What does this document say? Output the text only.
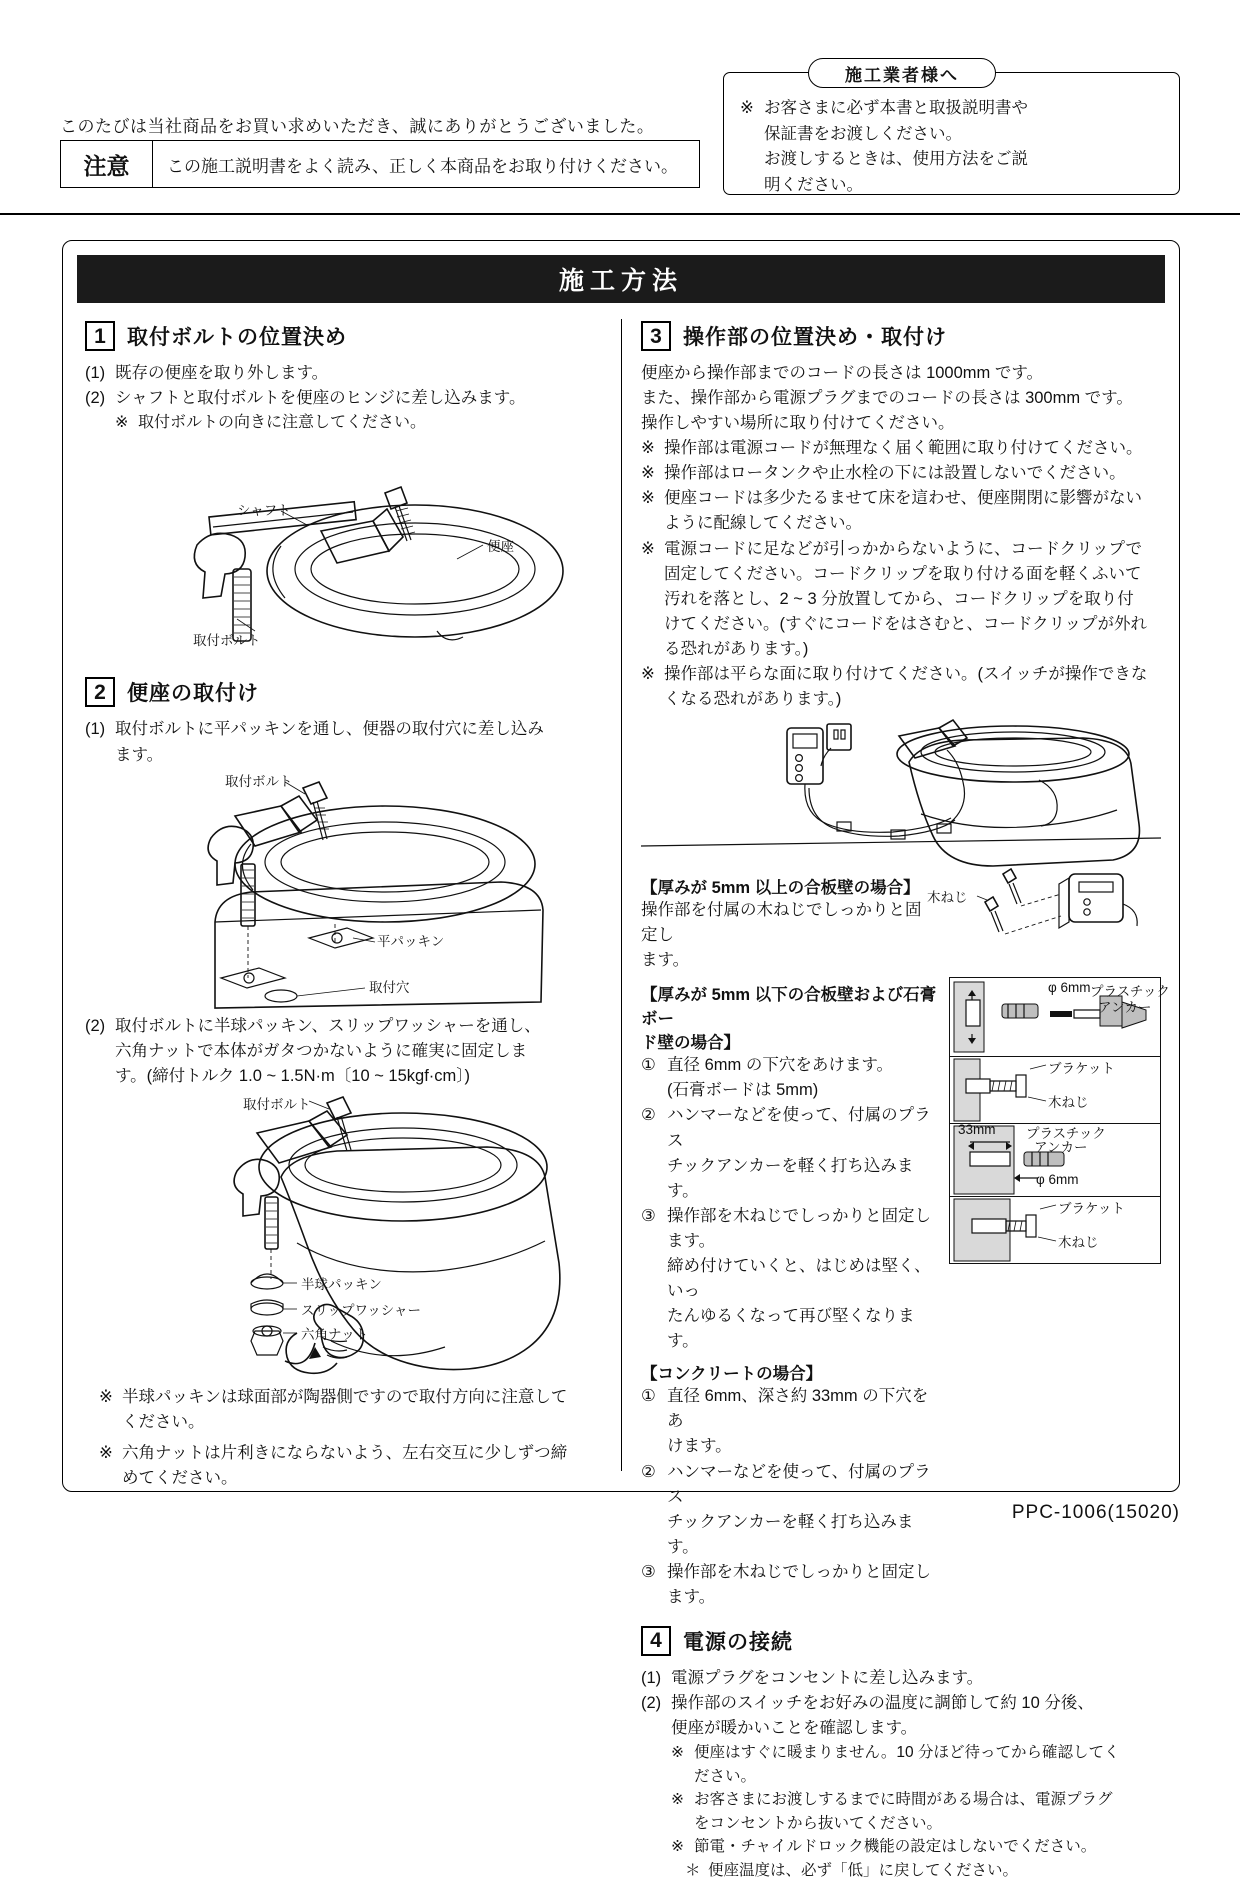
このたびは当社商品をお買い求めいただき、誠にありがとうございました。
注意	この施工説明書をよく読み、正しく本商品をお取り付けください。
施工業者様へ
※ お客さまに必ず本書と取扱説明書や
保証書をお渡しください。
お渡しするときは、使用方法をご説
明ください。
施工方法
1	取付ボルトの位置決め
(1) 既存の便座を取り外します。
(2) シャフトと取付ボルトを便座のヒンジに差し込みます。
※ 取付ボルトの向きに注意してください。
シャフト
便座
取付ボルト
2	便座の取付け
(1) 取付ボルトに平パッキンを通し、便器の取付穴に差し込み
ます。
取付ボルト
平パッキン
取付穴
(2) 取付ボルトに半球パッキン、スリップワッシャーを通し、
六角ナットで本体がガタつかないように確実に固定しま
す。(締付トルク 1.0 ~ 1.5N·m〔10 ~ 15kgf·cm〕)
取付ボルト
半球パッキン
スリップワッシャー
六角ナット
※ 半球パッキンは球面部が陶器側ですので取付方向に注意して
ください。
※ 六角ナットは片利きにならないよう、左右交互に少しずつ締
めてください。
3	操作部の位置決め・取付け
便座から操作部までのコードの長さは 1000mm です。
また、操作部から電源プラグまでのコードの長さは 300mm です。
操作しやすい場所に取り付けてください。
※ 操作部は電源コードが無理なく届く範囲に取り付けてください。
※ 操作部はロータンクや止水栓の下には設置しないでください。
※ 便座コードは多少たるませて床を這わせ、便座開閉に影響がない
ように配線してください。
※ 電源コードに足などが引っかからないように、コードクリップで
固定してください。コードクリップを取り付ける面を軽くふいて
汚れを落とし、2 ~ 3 分放置してから、コードクリップを取り付
けてください。(すぐにコードをはさむと、コードクリップが外れ
る恐れがあります。)
※ 操作部は平らな面に取り付けてください。(スイッチが操作できな
くなる恐れがあります。)
【厚みが 5mm 以上の合板壁の場合】
操作部を付属の木ねじでしっかりと固定し
ます。
木ねじ
【厚みが 5mm 以下の合板壁および石膏ボー
ド壁の場合】
① 直径 6mm の下穴をあけます。
(石膏ボードは 5mm)
② ハンマーなどを使って、付属のプラス
チックアンカーを軽く打ち込みます。
③ 操作部を木ねじでしっかりと固定します。
締め付けていくと、はじめは堅く、いっ
たんゆるくなって再び堅くなります。
【コンクリートの場合】
① 直径 6mm、深さ約 33mm の下穴をあ
けます。
② ハンマーなどを使って、付属のプラス
チックアンカーを軽く打ち込みます。
③ 操作部を木ねじでしっかりと固定します。
φ 6mm プラスチック
アンカー

ブラケット
木ねじ

33mm プラスチック
アンカー
φ 6mm

ブラケット
木ねじ
4	電源の接続
(1) 電源プラグをコンセントに差し込みます。
(2) 操作部のスイッチをお好みの温度に調節して約 10 分後、
便座が暖かいことを確認します。
※ 便座はすぐに暖まりません。10 分ほど待ってから確認してく
ださい。
※ お客さまにお渡しするまでに時間がある場合は、電源プラグ
をコンセントから抜いてください。
※ 節電・チャイルドロック機能の設定はしないでください。
＊ 便座温度は、必ず「低」に戻してください。
PPC-1006(15020)
